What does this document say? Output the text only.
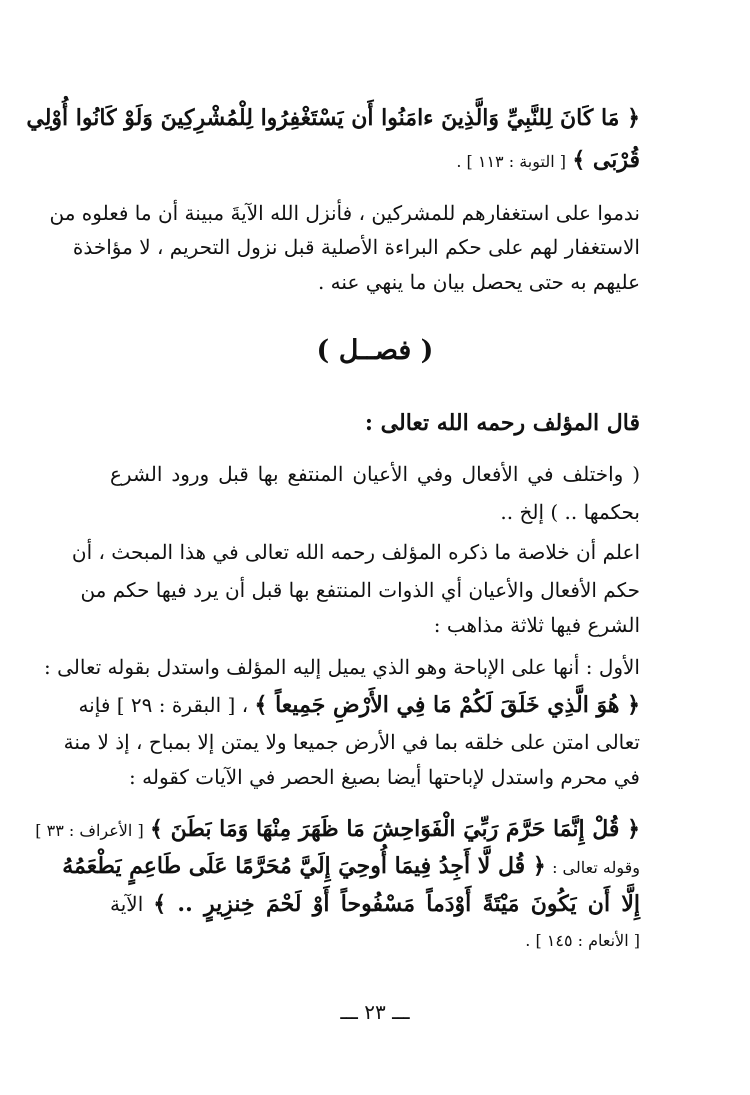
﴿ مَا كَانَ لِلنَّبِيِّ وَالَّذِينَ ءامَنُوا أَن يَسْتَغْفِرُوا لِلْمُشْرِكِينَ وَلَوْ كَانُوا أُوْلِي
قُرْبَى ﴾ [ التوبة : ١١٣ ] .
ندموا على استغفارهم للمشركين ، فأنزل الله الآيةَ مبينة أن ما فعلوه من
الاستغفار لهم على حكم البراءة الأصلية قبل نزول التحريم ، لا مؤاخذة
عليهم به حتى يحصل بيان ما ينهي عنه .
( فصــل )
قال المؤلف رحمه الله تعالى :
( واختلف في الأفعال وفي الأعيان المنتفع بها قبل ورود الشرع
بحكمها .. ) إلخ ..
اعلم أن خلاصة ما ذكره المؤلف رحمه الله تعالى في هذا المبحث ، أن
حكم الأفعال والأعيان أي الذوات المنتفع بها قبل أن يرد فيها حكم من
الشرع فيها ثلاثة مذاهب :
الأول : أنها على الإباحة وهو الذي يميل إليه المؤلف واستدل بقوله تعالى :
﴿ هُوَ الَّذِي خَلَقَ لَكُمْ مَا فِي الأَرْضِ جَمِيعاً ﴾ ، [ البقرة : ٢٩ ] فإنه
تعالى امتن على خلقه بما في الأرض جميعا ولا يمتن إلا بمباح ، إذ لا منة
في محرم واستدل لإباحتها أيضا بصيغ الحصر في الآيات كقوله :
﴿ قُلْ إِنَّمَا حَرَّمَ رَبِّيَ الْفَوَاحِشَ مَا ظَهَرَ مِنْهَا وَمَا بَطَنَ ﴾ [ الأعراف : ٣٣ ]
وقوله تعالى : ﴿ قُل لَّا أَجِدُ فِيمَا أُوحِيَ إِلَيَّ مُحَرَّمًا عَلَى طَاعِمٍ يَطْعَمُهُ
إِلَّا أَن يَكُونَ مَيْتَةً أَوْدَماً مَسْفُوحاً أَوْ لَحْمَ خِنزِيرٍ .. ﴾ الآية
[ الأنعام : ١٤٥ ] .
ـــ ٢٣ ـــ
